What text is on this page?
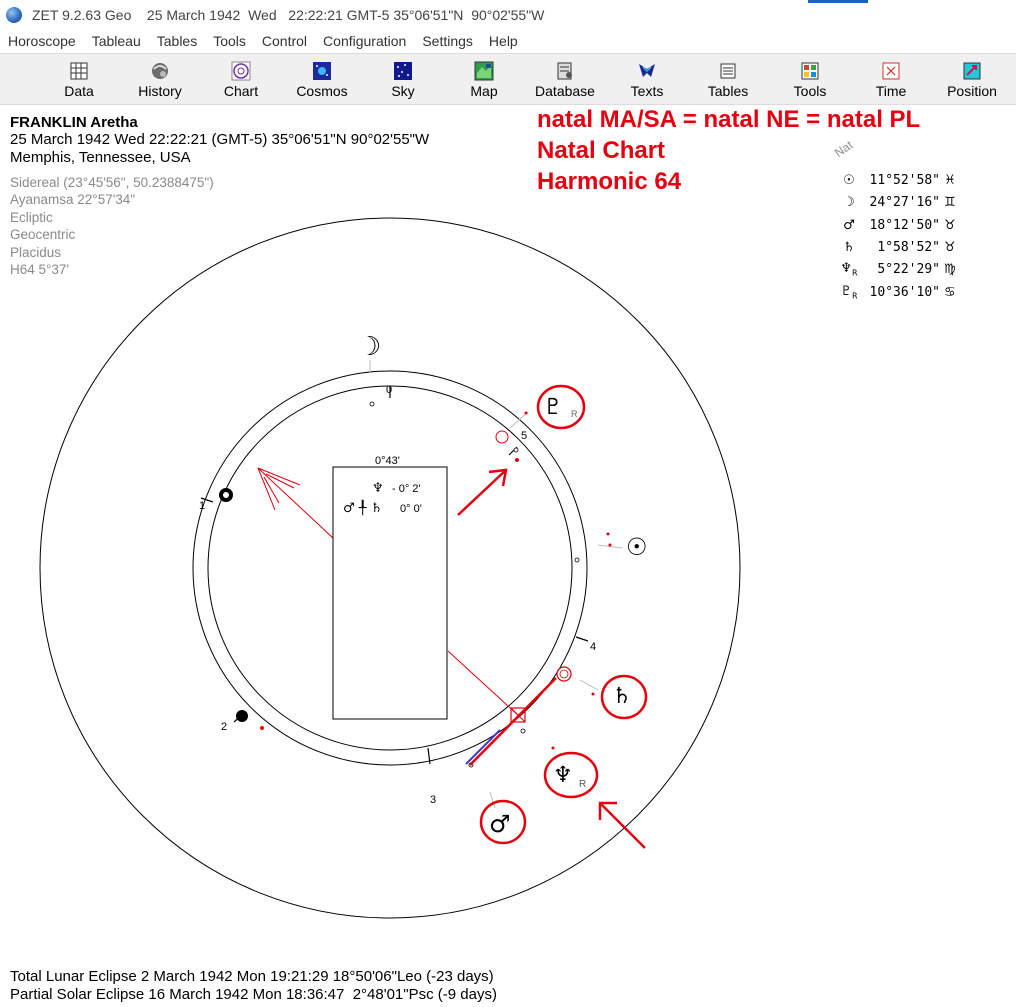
ZET 9.2.63 Geo    25 March 1942  Wed   22:22:21 GMT-5 35°06'51"N  90°02'55"W
Horoscope	Tableau	Tables	Tools	Control	Configuration	Settings	Help
Data	History	Chart	Cosmos	Sky	Map	Database	Texts	Tables	Tools	Time	Position
FRANKLIN Aretha
25 March 1942 Wed 22:22:21 (GMT-5) 35°06'51"N 90°02'55"W
Memphis, Tennessee, USA
Sidereal (23°45'56", 50.2388475")
Ayanamsa 22°57'34"
Ecliptic
Geocentric
Placidus
H64 5°37'
natal MA/SA = natal NE = natal PL
Natal Chart
Harmonic 64
Nat
☉	11°52'58" ♓
☽	24°27'16" ♊
♂	18°12'50" ♉
♄	1°58'52" ♉
$♆_R$	5°22'29" ♍
$♇_R$ 10°36'10" ♋
0
1
2
3
4
5
☽
♇ R
☉
♄
♆ R
♂
0°43'
♆ - 0° 2'
♂ ╀ ♄ 0° 0'
Total Lunar Eclipse 2 March 1942 Mon 19:21:29 18°50'06"Leo (-23 days)
Partial Solar Eclipse 16 March 1942 Mon 18:36:47  2°48'01"Psc (-9 days)
